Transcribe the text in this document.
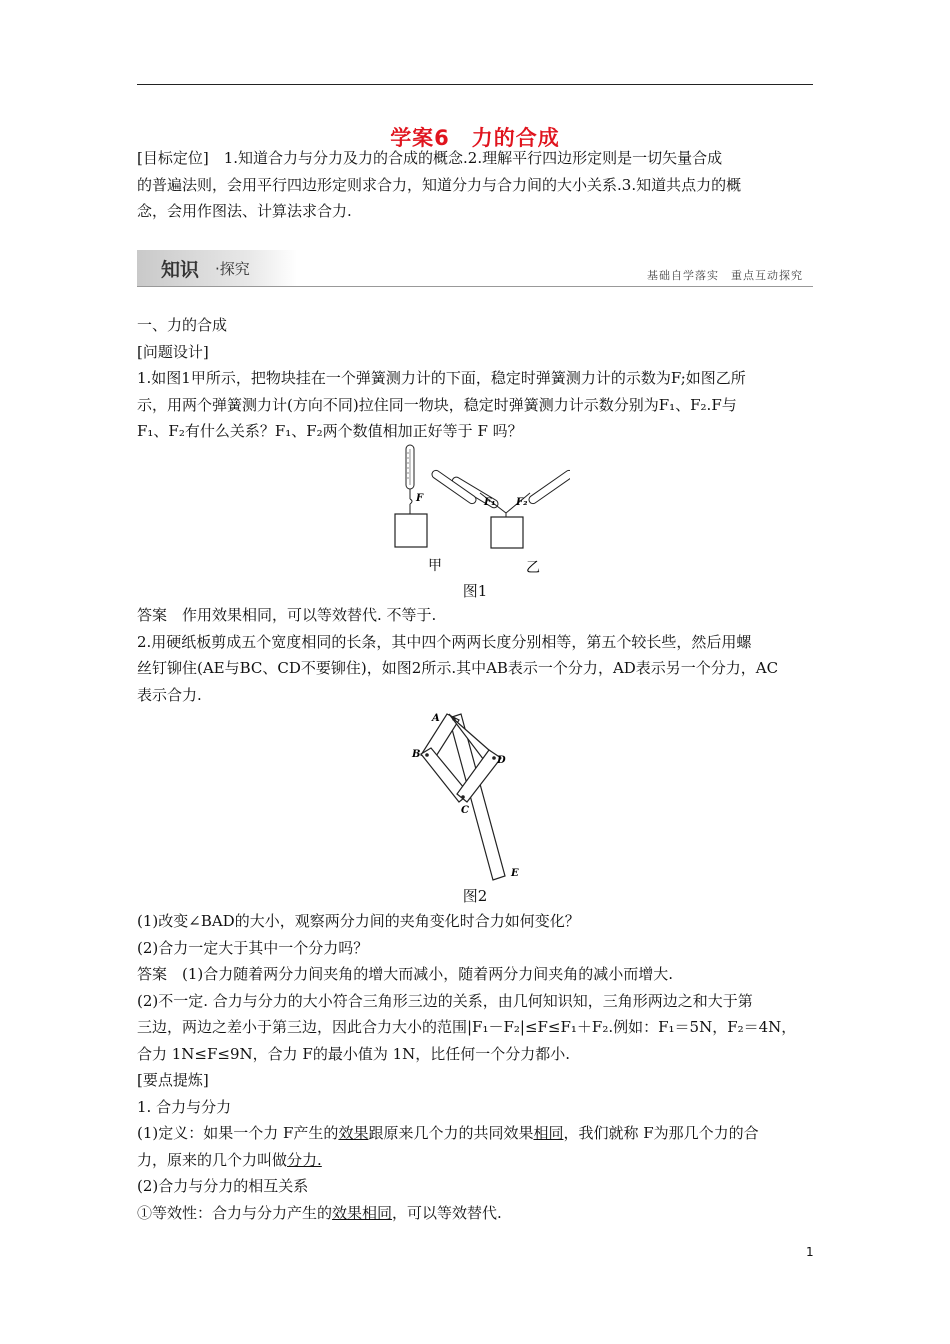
学案6　力的合成

[目标定位]　1.知道合力与分力及力的合成的概念.2.理解平行四边形定则是一切矢量合成

的普遍法则，会用平行四边形定则求合力，知道分力与合力间的大小关系.3.知道共点力的概

念，会用作图法、计算法求合力.

知识 ·探究	基础自学落实　重点互动探究

一、力的合成

[问题设计]

1.如图1甲所示，把物块挂在一个弹簧测力计的下面，稳定时弹簧测力计的示数为F;如图乙所

示，用两个弹簧测力计(方向不同)拉住同一物块，稳定时弹簧测力计示数分别为F₁、F₂.F与

F₁、F₂有什么关系？F₁、F₂两个数值相加正好等于 F 吗？

F	F₁ F₂
甲	乙
图1

答案　作用效果相同，可以等效替代. 不等于.

2.用硬纸板剪成五个宽度相同的长条，其中四个两两长度分别相等，第五个较长些，然后用螺

丝钉铆住(AE与BC、CD不要铆住)，如图2所示.其中AB表示一个分力，AD表示另一个分力，AC

表示合力.

A
B
D
C
E
图2

(1)改变∠BAD的大小，观察两分力间的夹角变化时合力如何变化？

(2)合力一定大于其中一个分力吗？

答案　(1)合力随着两分力间夹角的增大而减小，随着两分力间夹角的减小而增大.

(2)不一定. 合力与分力的大小符合三角形三边的关系，由几何知识知，三角形两边之和大于第

三边，两边之差小于第三边，因此合力大小的范围|F₁－F₂|≤F≤F₁＋F₂.例如：F₁＝5N，F₂＝4N，

合力 1N≤F≤9N，合力 F的最小值为 1N，比任何一个分力都小.

[要点提炼]

1. 合力与分力

(1)定义：如果一个力 F产生的效果跟原来几个力的共同效果相同，我们就称 F为那几个力的合

力，原来的几个力叫做分力.

(2)合力与分力的相互关系

①等效性：合力与分力产生的效果相同，可以等效替代.

1
